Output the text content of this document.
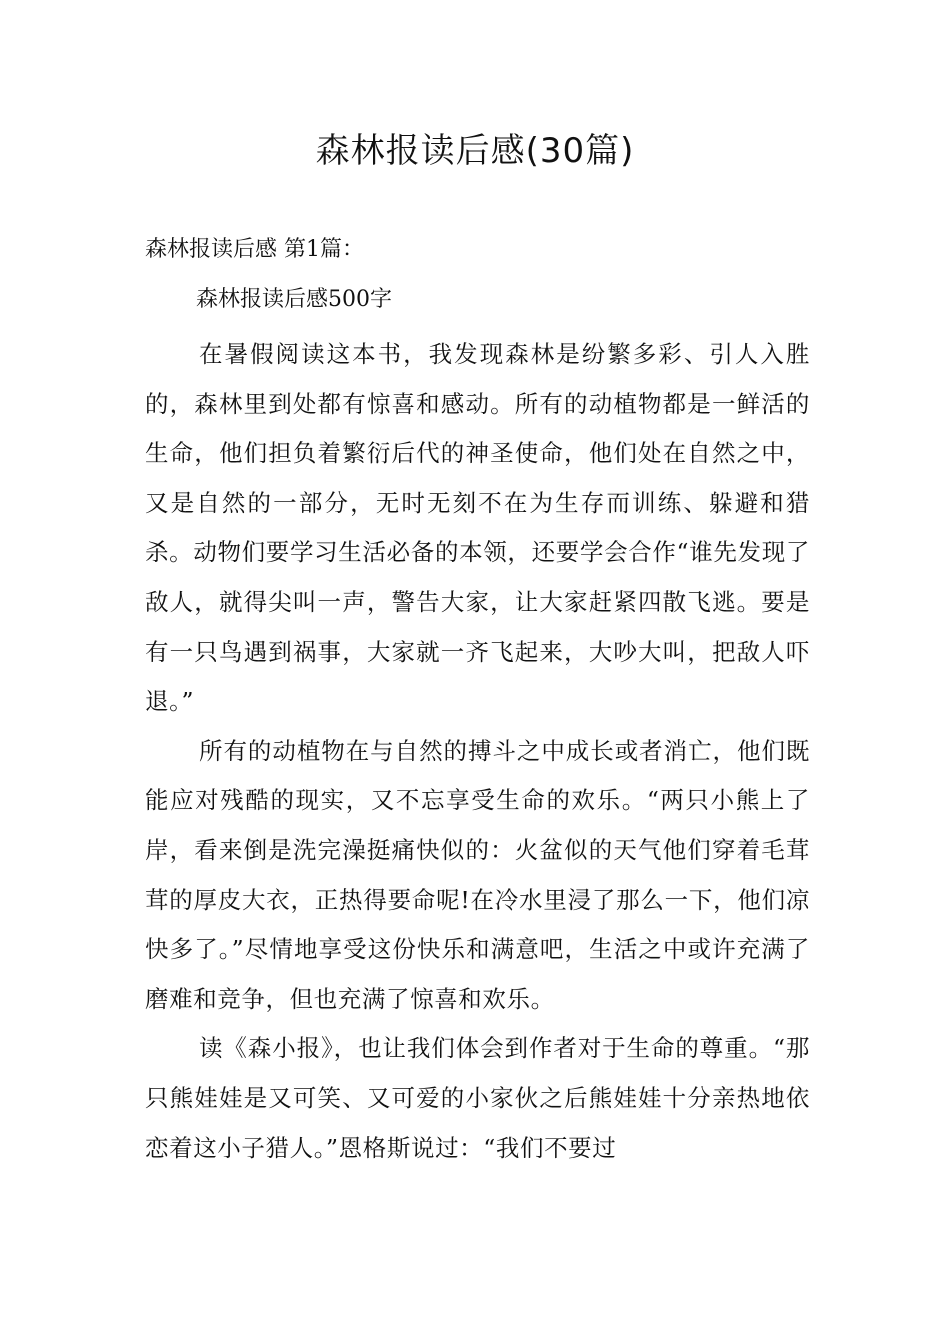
森林报读后感(30篇)
森林报读后感 第1篇：
森林报读后感500字

在暑假阅读这本书，我发现森林是纷繁多彩、引人入胜的，森林里到处都有惊喜和感动。所有的动植物都是一鲜活的生命，他们担负着繁衍后代的神圣使命，他们处在自然之中，又是自然的一部分，无时无刻不在为生存而训练、躲避和猎杀。动物们要学习生活必备的本领，还要学会合作“谁先发现了敌人，就得尖叫一声，警告大家，让大家赶紧四散飞逃。要是有一只鸟遇到祸事，大家就一齐飞起来，大吵大叫，把敌人吓退。”

所有的动植物在与自然的搏斗之中成长或者消亡，他们既能应对残酷的现实，又不忘享受生命的欢乐。“两只小熊上了岸，看来倒是洗完澡挺痛快似的：火盆似的天气他们穿着毛茸茸的厚皮大衣，正热得要命呢!在冷水里浸了那么一下，他们凉快多了。”尽情地享受这份快乐和满意吧，生活之中或许充满了磨难和竞争，但也充满了惊喜和欢乐。

读《森小报》，也让我们体会到作者对于生命的尊重。“那只熊娃娃是又可笑、又可爱的小家伙之后熊娃娃十分亲热地依恋着这小子猎人。”恩格斯说过：“我们不要过
